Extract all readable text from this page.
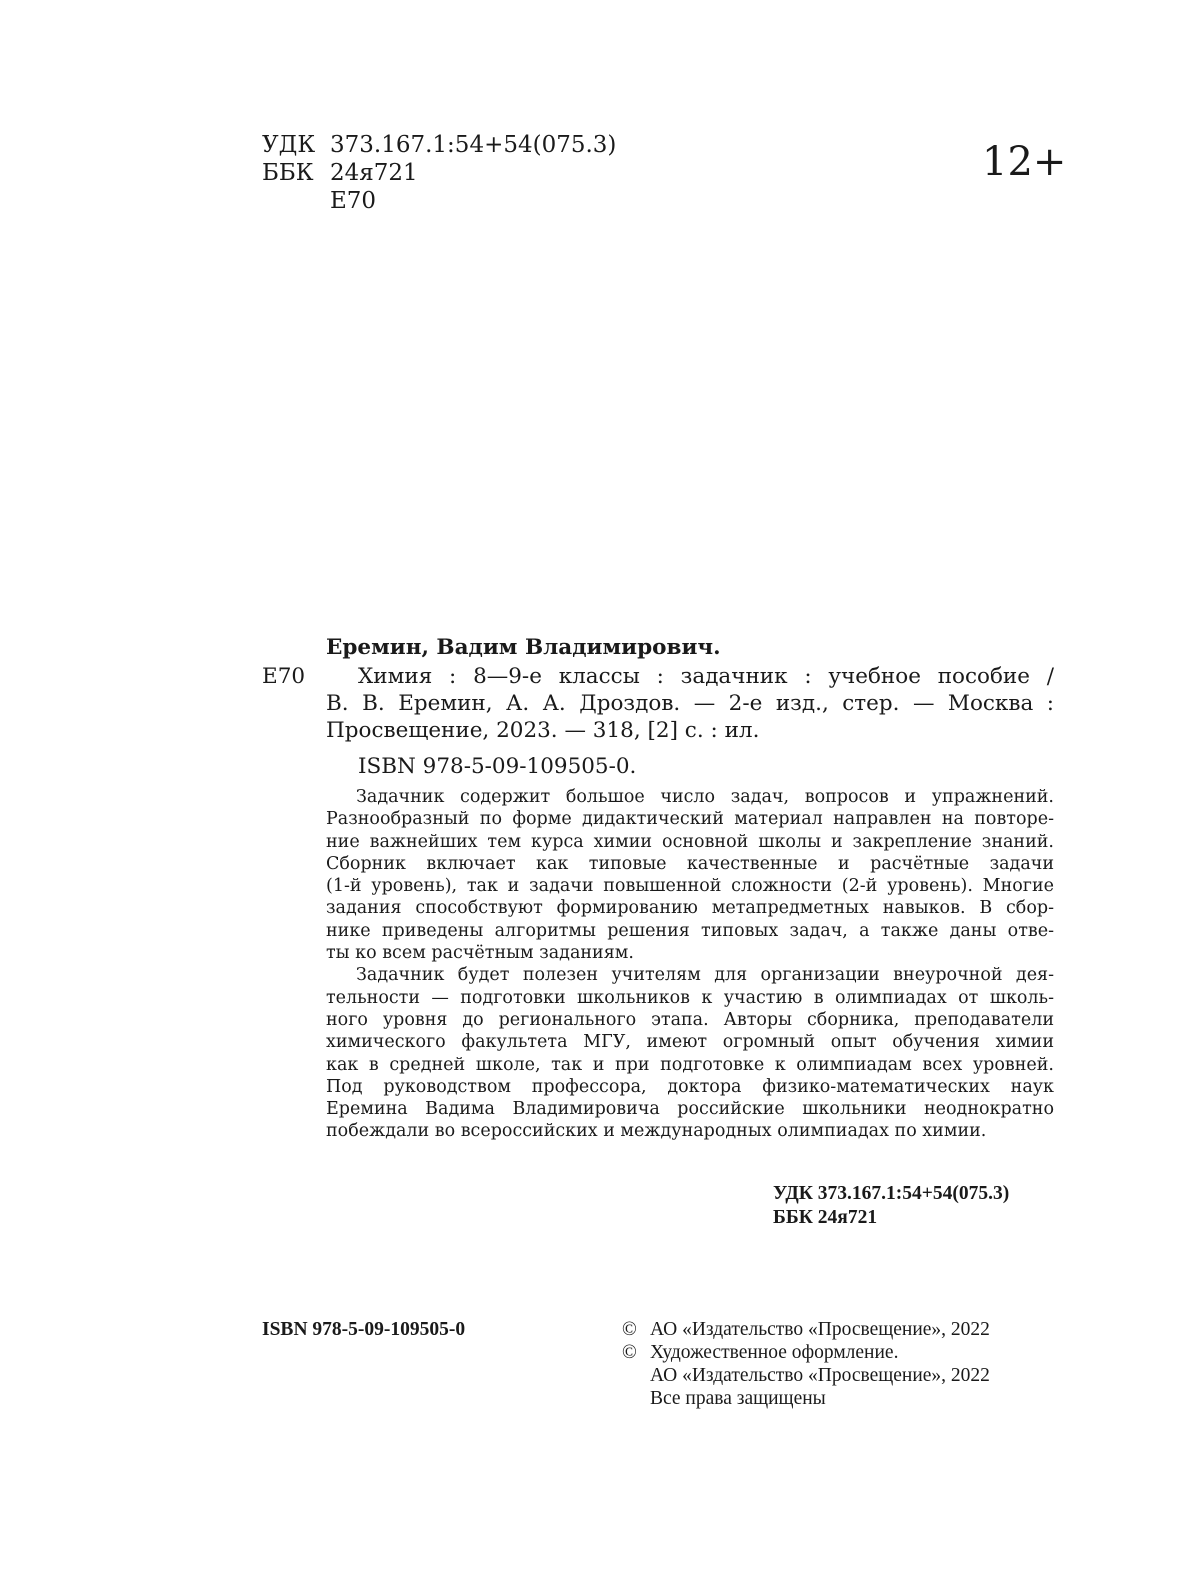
УДК 373.167.1:54+54(075.3)
ББК 24я721
Е70
12+
Еремин, Вадим Владимирович.
Е70	Химия : 8—9-е классы : задачник : учебное пособие /
В. В. Еремин, А. А. Дроздов. — 2-е изд., стер. — Москва :
Просвещение, 2023. — 318, [2] с. : ил.
ISBN 978-5-09-109505-0.
Задачник содержит большое число задач, вопросов и упражнений.
Разнообразный по форме дидактический материал направлен на повторе-
ние важнейших тем курса химии основной школы и закрепление знаний.
Сборник включает как типовые качественные и расчётные задачи
(1-й уровень), так и задачи повышенной сложности (2-й уровень). Многие
задания способствуют формированию метапредметных навыков. В сбор-
нике приведены алгоритмы решения типовых задач, а также даны отве-
ты ко всем расчётным заданиям.
Задачник будет полезен учителям для организации внеурочной дея-
тельности — подготовки школьников к участию в олимпиадах от школь-
ного уровня до регионального этапа. Авторы сборника, преподаватели
химического факультета МГУ, имеют огромный опыт обучения химии
как в средней школе, так и при подготовке к олимпиадам всех уровней.
Под руководством профессора, доктора физико-математических наук
Еремина Вадима Владимировича российские школьники неоднократно
побеждали во всероссийских и международных олимпиадах по химии.
УДК 373.167.1:54+54(075.3)
ББК 24я721
ISBN 978-5-09-109505-0	© АО «Издательство «Просвещение», 2022
© Художественное оформление.
АО «Издательство «Просвещение», 2022
Все права защищены
